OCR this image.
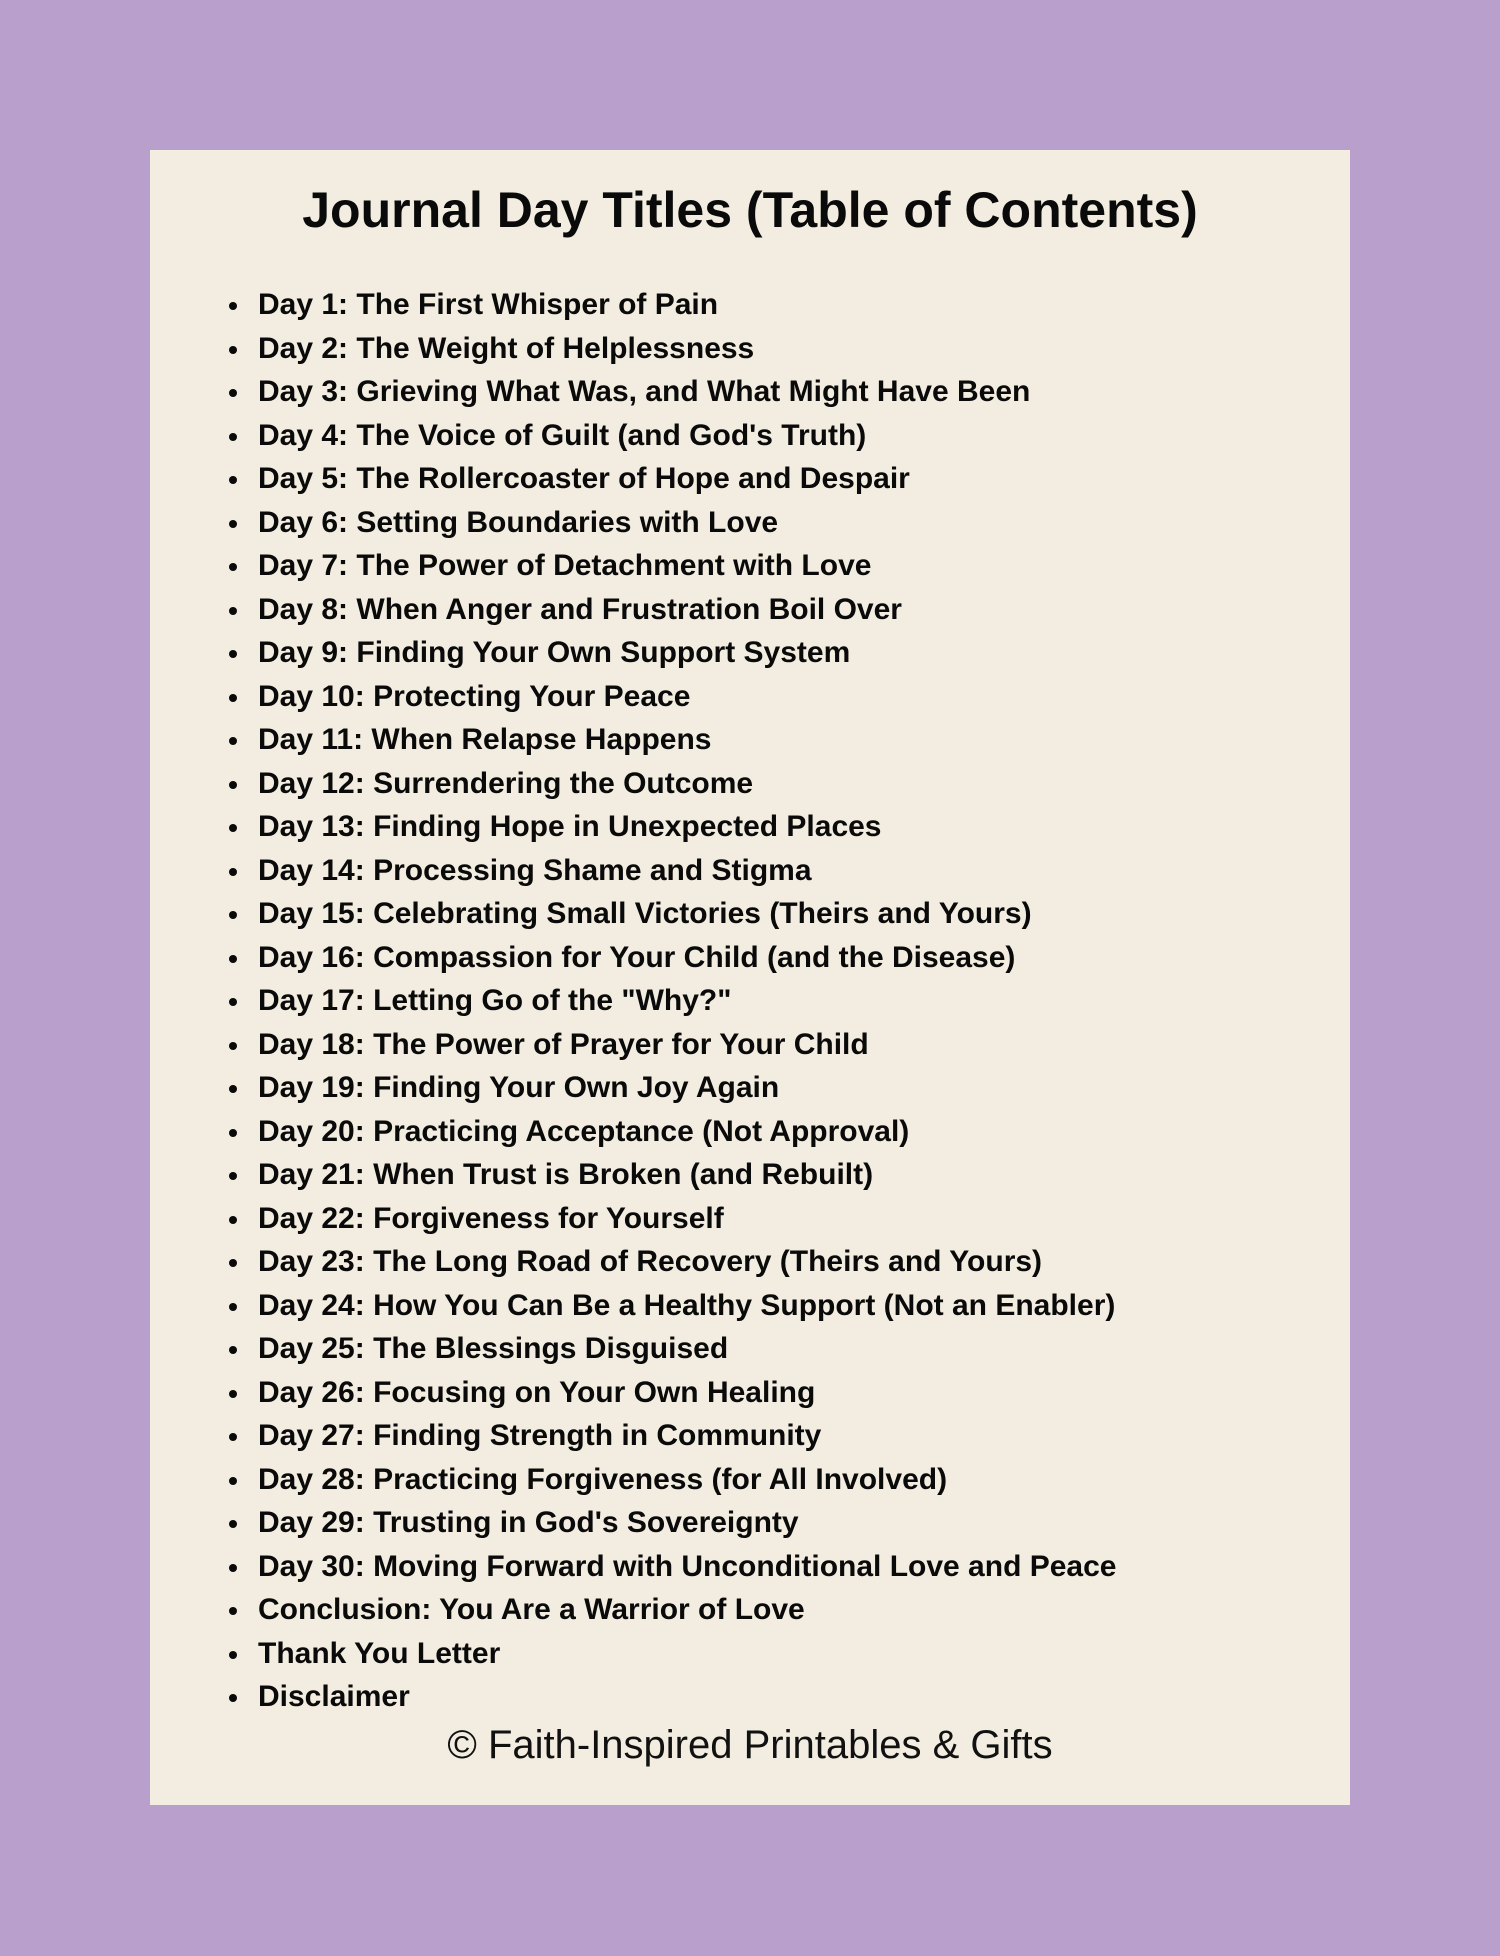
Journal Day Titles (Table of Contents)
Day 1: The First Whisper of Pain
Day 2: The Weight of Helplessness
Day 3: Grieving What Was, and What Might Have Been
Day 4: The Voice of Guilt (and God's Truth)
Day 5: The Rollercoaster of Hope and Despair
Day 6: Setting Boundaries with Love
Day 7: The Power of Detachment with Love
Day 8: When Anger and Frustration Boil Over
Day 9: Finding Your Own Support System
Day 10: Protecting Your Peace
Day 11: When Relapse Happens
Day 12: Surrendering the Outcome
Day 13: Finding Hope in Unexpected Places
Day 14: Processing Shame and Stigma
Day 15: Celebrating Small Victories (Theirs and Yours)
Day 16: Compassion for Your Child (and the Disease)
Day 17: Letting Go of the "Why?"
Day 18: The Power of Prayer for Your Child
Day 19: Finding Your Own Joy Again
Day 20: Practicing Acceptance (Not Approval)
Day 21: When Trust is Broken (and Rebuilt)
Day 22: Forgiveness for Yourself
Day 23: The Long Road of Recovery (Theirs and Yours)
Day 24: How You Can Be a Healthy Support (Not an Enabler)
Day 25: The Blessings Disguised
Day 26: Focusing on Your Own Healing
Day 27: Finding Strength in Community
Day 28: Practicing Forgiveness (for All Involved)
Day 29: Trusting in God's Sovereignty
Day 30: Moving Forward with Unconditional Love and Peace
Conclusion: You Are a Warrior of Love
Thank You Letter
Disclaimer
© Faith-Inspired Printables & Gifts
